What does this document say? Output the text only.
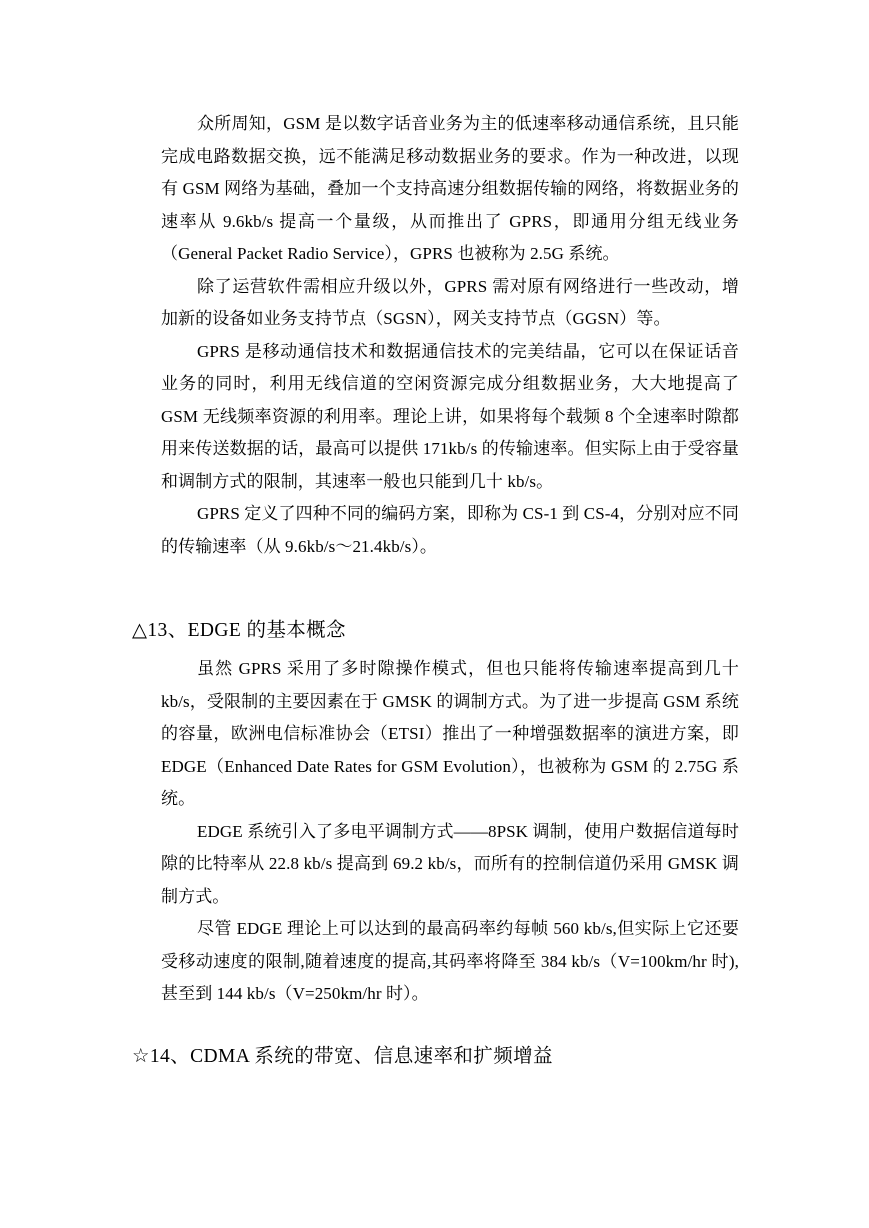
众所周知，GSM 是以数字话音业务为主的低速率移动通信系统，且只能完成电路数据交换，远不能满足移动数据业务的要求。作为一种改进，以现有 GSM 网络为基础，叠加一个支持高速分组数据传输的网络，将数据业务的速率从 9.6kb/s 提高一个量级，从而推出了 GPRS，即通用分组无线业务（General Packet Radio Service），GPRS 也被称为 2.5G 系统。

除了运营软件需相应升级以外，GPRS 需对原有网络进行一些改动，增加新的设备如业务支持节点（SGSN），网关支持节点（GGSN）等。

GPRS 是移动通信技术和数据通信技术的完美结晶，它可以在保证话音业务的同时，利用无线信道的空闲资源完成分组数据业务，大大地提高了 GSM 无线频率资源的利用率。理论上讲，如果将每个载频 8 个全速率时隙都用来传送数据的话，最高可以提供 171kb/s 的传输速率。但实际上由于受容量和调制方式的限制，其速率一般也只能到几十 kb/s。

GPRS 定义了四种不同的编码方案，即称为 CS-1 到 CS-4，分别对应不同的传输速率（从 9.6kb/s～21.4kb/s）。

△13、EDGE 的基本概念

虽然 GPRS 采用了多时隙操作模式，但也只能将传输速率提高到几十 kb/s，受限制的主要因素在于 GMSK 的调制方式。为了进一步提高 GSM 系统的容量，欧洲电信标准协会（ETSI）推出了一种增强数据率的演进方案，即 EDGE（Enhanced Date Rates for GSM Evolution），也被称为 GSM 的 2.75G 系统。

EDGE 系统引入了多电平调制方式——8PSK 调制，使用户数据信道每时隙的比特率从 22.8 kb/s 提高到 69.2 kb/s，而所有的控制信道仍采用 GMSK 调制方式。

尽管 EDGE 理论上可以达到的最高码率约每帧 560 kb/s,但实际上它还要受移动速度的限制,随着速度的提高,其码率将降至 384 kb/s（V=100km/hr 时),甚至到 144 kb/s（V=250km/hr 时）。

☆14、CDMA 系统的带宽、信息速率和扩频增益
